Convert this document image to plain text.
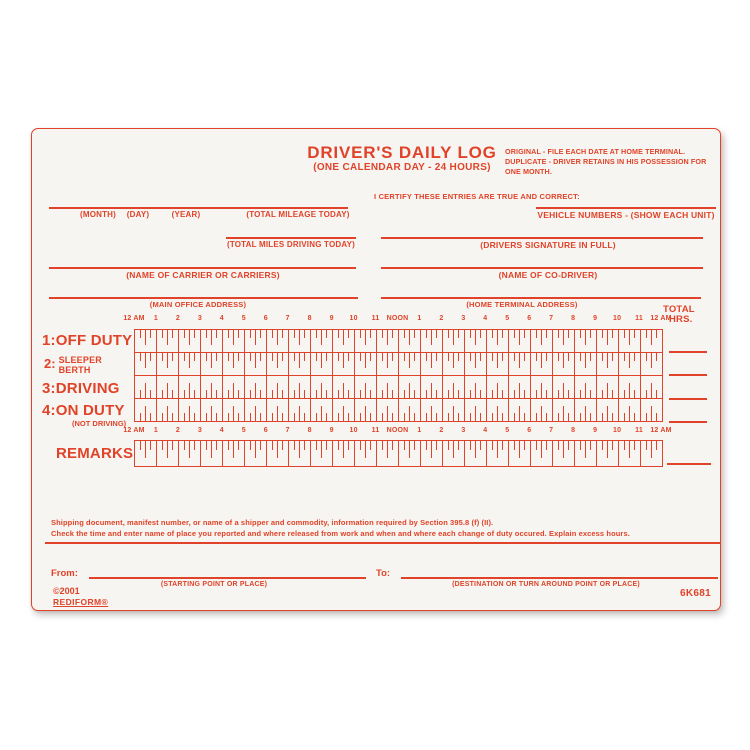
DRIVER'S DAILY LOG
(ONE CALENDAR DAY - 24 HOURS)
ORIGINAL - FILE EACH DATE AT HOME TERMINAL.
DUPLICATE - DRIVER RETAINS IN HIS POSSESSION FOR ONE MONTH.
I CERTIFY THESE ENTRIES ARE TRUE AND CORRECT:
(MONTH)	(DAY)	(YEAR)	(TOTAL MILEAGE TODAY)	VEHICLE NUMBERS - (SHOW EACH UNIT)
(TOTAL MILES DRIVING TODAY)	(DRIVERS SIGNATURE IN FULL)
(NAME OF CARRIER OR CARRIERS)	(NAME OF CO-DRIVER)
(MAIN OFFICE ADDRESS)	(HOME TERMINAL ADDRESS)	TOTAL
HRS.
12 AM 1	2	3	4	5	6	7	8	9 10 11 NOON 1	2	3	4	5	6	7	8	9 10 11 12 AM
12 AM 1	2	3	4	5	6	7	8	9 10 11 NOON 1	2	3	4	5	6	7	8	9 10 11 12 AM
1:OFF DUTY
$^{2:}$ SLEEPER
BERTH
3:DRIVING
4:ON DUTY
(NOT DRIVING)
REMARKS
Shipping document, manifest number, or name of a shipper and commodity, information required by Section 395.8 (f) (II).
Check the time and enter name of place you reported and where released from work and when and where each change of duty occured. Explain excess hours.
From:	To:
(STARTING POINT OR PLACE)	(DESTINATION OR TURN AROUND POINT OR PLACE)
©2001
REDIFORM®
6K681
